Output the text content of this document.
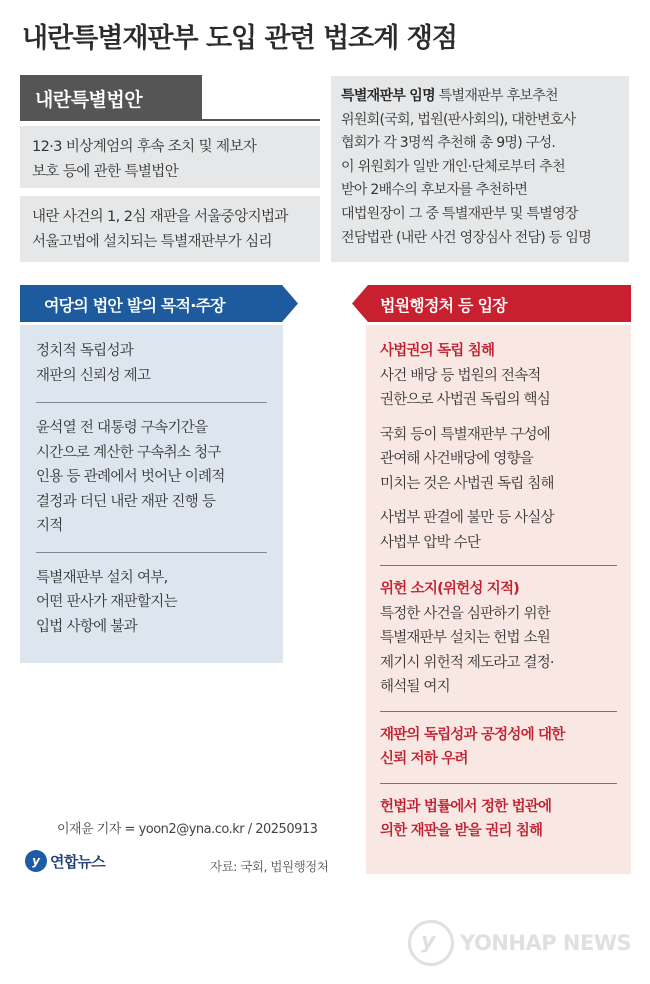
내란특별재판부 도입 관련 법조계 쟁점
내란특별법안
12·3 비상계엄의 후속 조치 및 제보자
보호 등에 관한 특별법안
내란 사건의 1, 2심 재판을 서울중앙지법과
서울고법에 설치되는 특별재판부가 심리
특별재판부 임명 특별재판부 후보추천
위원회(국회, 법원(판사회의), 대한변호사
협회가 각 3명씩 추천해 총 9명) 구성.
이 위원회가 일반 개인·단체로부터 추천
받아 2배수의 후보자를 추천하면
대법원장이 그 중 특별재판부 및 특별영장
전담법관 (내란 사건 영장심사 전담) 등 임명
여당의 법안 발의 목적·주장
정치적 독립성과
재판의 신뢰성 제고
윤석열 전 대통령 구속기간을
시간으로 계산한 구속취소 청구
인용 등 관례에서 벗어난 이례적
결정과 더딘 내란 재판 진행 등
지적
특별재판부 설치 여부,
어떤 판사가 재판할지는
입법 사항에 불과
법원행정처 등 입장
사법권의 독립 침해
사건 배당 등 법원의 전속적
권한으로 사법권 독립의 핵심
국회 등이 특별재판부 구성에
관여해 사건배당에 영향을
미치는 것은 사법권 독립 침해
사법부 판결에 불만 등 사실상
사법부 압박 수단
위헌 소지(위헌성 지적)
특정한 사건을 심판하기 위한
특별재판부 설치는 헌법 소원
제기시 위헌적 제도라고 결정·
해석될 여지
재판의 독립성과 공정성에 대한
신뢰 저하 우려
헌법과 법률에서 정한 법관에
의한 재판을 받을 권리 침해
이재윤 기자 = yoon2@yna.co.kr / 20250913
y 연합뉴스	자료: 국회, 법원행정처
y YONHAP NEWS
